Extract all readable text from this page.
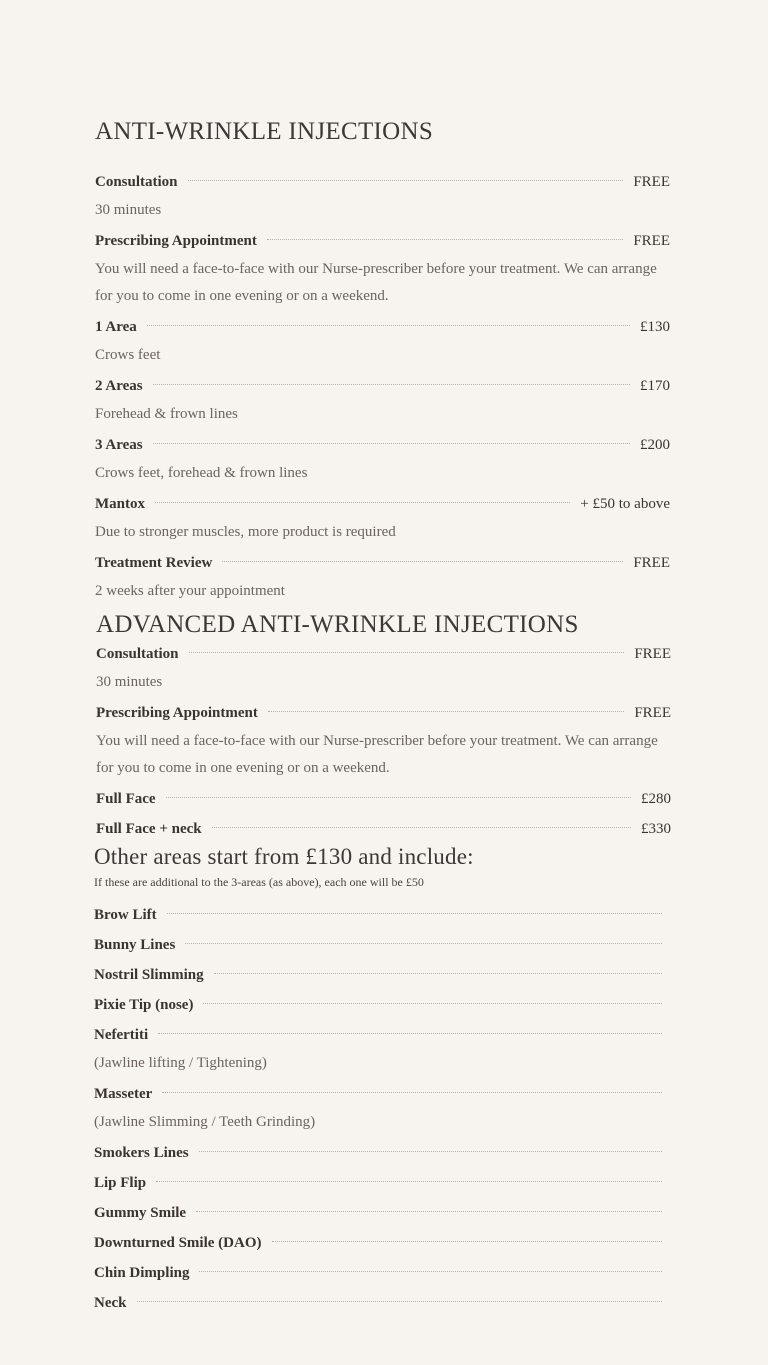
ANTI-WRINKLE INJECTIONS
Consultation	FREE
30 minutes
Prescribing Appointment	FREE
You will need a face-to-face with our Nurse-prescriber before your treatment. We can arrange for you to come in one evening or on a weekend.
1 Area	£130
Crows feet
2 Areas	£170
Forehead & frown lines
3 Areas	£200
Crows feet, forehead & frown lines
Mantox	+ £50 to above
Due to stronger muscles, more product is required
Treatment Review	FREE
2 weeks after your appointment
ADVANCED ANTI-WRINKLE INJECTIONS
Consultation	FREE
30 minutes
Prescribing Appointment	FREE
You will need a face-to-face with our Nurse-prescriber before your treatment. We can arrange for you to come in one evening or on a weekend.
Full Face	£280
Full Face + neck	£330
Other areas start from £130 and include:
If these are additional to the 3-areas (as above), each one will be £50
Brow Lift
Bunny Lines
Nostril Slimming
Pixie Tip (nose)
Nefertiti
(Jawline lifting / Tightening)
Masseter
(Jawline Slimming / Teeth Grinding)
Smokers Lines
Lip Flip
Gummy Smile
Downturned Smile (DAO)
Chin Dimpling
Neck
